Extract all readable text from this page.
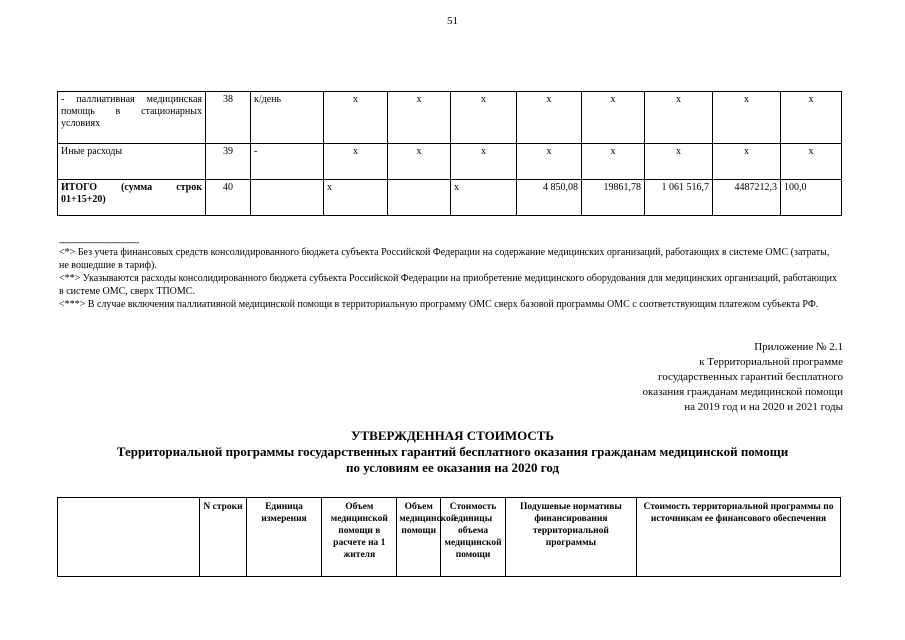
51
- паллиативная медицинская помощь в стационарных условиях	38	к/день	х	х	х	х	х	х	х	х
Иные расходы	39	-	х	х	х	х	х	х	х	х
ИТОГО (сумма строк 01+15+20)	40		х		х	4 850,08	19861,78	1 061 516,7	4487212,3	100,0
--------------------------------

<*> Без учета финансовых средств консолидированного бюджета субъекта Российской Федерации на содержание медицинских организаций, работающих в системе ОМС (затраты, не вошедшие в тариф).

<**> Указываются расходы консолидированного бюджета субъекта Российской Федерации на приобретение медицинского оборудования для медицинских организаций, работающих в системе ОМС, сверх ТПОМС.

<***> В случае включения паллиативной медицинской помощи в территориальную программу ОМС сверх базовой программы ОМС с соответствующим платежом субъекта РФ.

Приложение № 2.1
к Территориальной программе
государственных гарантий бесплатного
оказания гражданам медицинской помощи
на 2019 год и на 2020 и 2021 годы
УТВЕРЖДЕННАЯ СТОИМОСТЬ
Территориальной программы государственных гарантий бесплатного оказания гражданам медицинской помощи
по условиям ее оказания на 2020 год
	N строки	Единица измерения	Объем медицинской помощи в расчете на 1 жителя	Объем медицинской помощи	Стоимость единицы объема медицинской помощи	Подушевые нормативы финансирования территориальной программы	Стоимость территориальной программы по источникам ее финансового обеспечения
